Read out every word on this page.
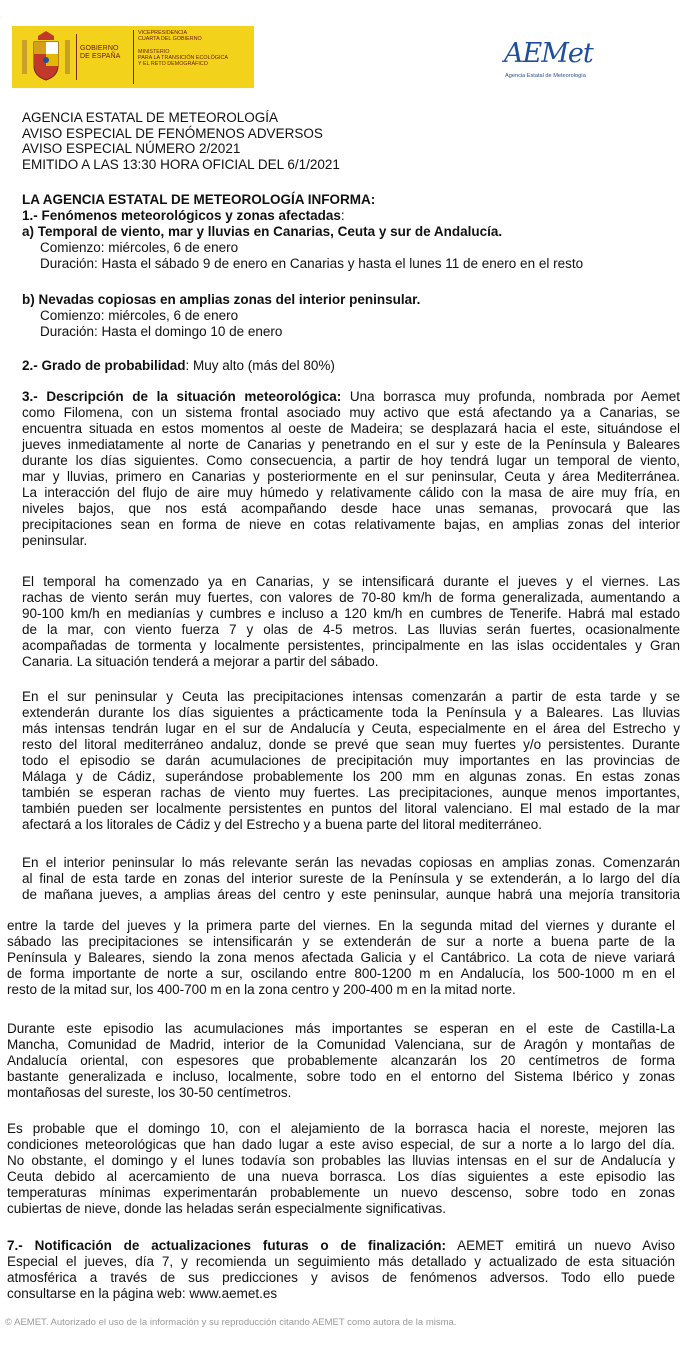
GOBIERNO
DE ESPAÑA
VICEPRESIDENCIA
CUARTA DEL GOBIERNO
MINISTERIO
PARA LA TRANSICIÓN ECOLÓGICA
Y EL RETO DEMOGRÁFICO	AEMet
Agencia Estatal de Meteorología
AGENCIA ESTATAL DE METEOROLOGÍA
AVISO ESPECIAL DE FENÓMENOS ADVERSOS
AVISO ESPECIAL NÚMERO 2/2021
EMITIDO A LAS 13:30 HORA OFICIAL DEL 6/1/2021
LA AGENCIA ESTATAL DE METEOROLOGÍA INFORMA:
1.- Fenómenos meteorológicos y zonas afectadas:
a) Temporal de viento, mar y lluvias en Canarias, Ceuta y sur de Andalucía.
Comienzo: miércoles, 6 de enero
Duración: Hasta el sábado 9 de enero en Canarias y hasta el lunes 11 de enero en el resto
b) Nevadas copiosas en amplias zonas del interior peninsular.
Comienzo: miércoles, 6 de enero
Duración: Hasta el domingo 10 de enero
2.- Grado de probabilidad: Muy alto (más del 80%)
3.- Descripción de la situación meteorológica: Una borrasca muy profunda, nombrada por Aemet
como Filomena, con un sistema frontal asociado muy activo que está afectando ya a Canarias, se
encuentra situada en estos momentos al oeste de Madeira; se desplazará hacia el este, situándose el
jueves inmediatamente al norte de Canarias y penetrando en el sur y este de la Península y Baleares
durante los días siguientes. Como consecuencia, a partir de hoy tendrá lugar un temporal de viento,
mar y lluvias, primero en Canarias y posteriormente en el sur peninsular, Ceuta y área Mediterránea.
La interacción del flujo de aire muy húmedo y relativamente cálido con la masa de aire muy fría, en
niveles bajos, que nos está acompañando desde hace unas semanas, provocará que las
precipitaciones sean en forma de nieve en cotas relativamente bajas, en amplias zonas del interior
peninsular.
El temporal ha comenzado ya en Canarias, y se intensificará durante el jueves y el viernes. Las
rachas de viento serán muy fuertes, con valores de 70-80 km/h de forma generalizada, aumentando a
90-100 km/h en medianías y cumbres e incluso a 120 km/h en cumbres de Tenerife. Habrá mal estado
de la mar, con viento fuerza 7 y olas de 4-5 metros. Las lluvias serán fuertes, ocasionalmente
acompañadas de tormenta y localmente persistentes, principalmente en las islas occidentales y Gran
Canaria. La situación tenderá a mejorar a partir del sábado.
En el sur peninsular y Ceuta las precipitaciones intensas comenzarán a partir de esta tarde y se
extenderán durante los días siguientes a prácticamente toda la Península y a Baleares. Las lluvias
más intensas tendrán lugar en el sur de Andalucía y Ceuta, especialmente en el área del Estrecho y
resto del litoral mediterráneo andaluz, donde se prevé que sean muy fuertes y/o persistentes. Durante
todo el episodio se darán acumulaciones de precipitación muy importantes en las provincias de
Málaga y de Cádiz, superándose probablemente los 200 mm en algunas zonas. En estas zonas
también se esperan rachas de viento muy fuertes. Las precipitaciones, aunque menos importantes,
también pueden ser localmente persistentes en puntos del litoral valenciano. El mal estado de la mar
afectará a los litorales de Cádiz y del Estrecho y a buena parte del litoral mediterráneo.
En el interior peninsular lo más relevante serán las nevadas copiosas en amplias zonas. Comenzarán
al final de esta tarde en zonas del interior sureste de la Península y se extenderán, a lo largo del día
de mañana jueves, a amplias áreas del centro y este peninsular, aunque habrá una mejoría transitoria
entre la tarde del jueves y la primera parte del viernes. En la segunda mitad del viernes y durante el
sábado las precipitaciones se intensificarán y se extenderán de sur a norte a buena parte de la
Península y Baleares, siendo la zona menos afectada Galicia y el Cantábrico. La cota de nieve variará
de forma importante de norte a sur, oscilando entre 800-1200 m en Andalucía, los 500-1000 m en el
resto de la mitad sur, los 400-700 m en la zona centro y 200-400 m en la mitad norte.
Durante este episodio las acumulaciones más importantes se esperan en el este de Castilla-La
Mancha, Comunidad de Madrid, interior de la Comunidad Valenciana, sur de Aragón y montañas de
Andalucía oriental, con espesores que probablemente alcanzarán los 20 centímetros de forma
bastante generalizada e incluso, localmente, sobre todo en el entorno del Sistema Ibérico y zonas
montañosas del sureste, los 30-50 centímetros.
Es probable que el domingo 10, con el alejamiento de la borrasca hacia el noreste, mejoren las
condiciones meteorológicas que han dado lugar a este aviso especial, de sur a norte a lo largo del día.
No obstante, el domingo y el lunes todavía son probables las lluvias intensas en el sur de Andalucía y
Ceuta debido al acercamiento de una nueva borrasca. Los días siguientes a este episodio las
temperaturas mínimas experimentarán probablemente un nuevo descenso, sobre todo en zonas
cubiertas de nieve, donde las heladas serán especialmente significativas.
7.- Notificación de actualizaciones futuras o de finalización: AEMET emitirá un nuevo Aviso
Especial el jueves, día 7, y recomienda un seguimiento más detallado y actualizado de esta situación
atmosférica a través de sus predicciones y avisos de fenómenos adversos. Todo ello puede
consultarse en la página web: www.aemet.es
© AEMET. Autorizado el uso de la información y su reproducción citando AEMET como autora de la misma.
